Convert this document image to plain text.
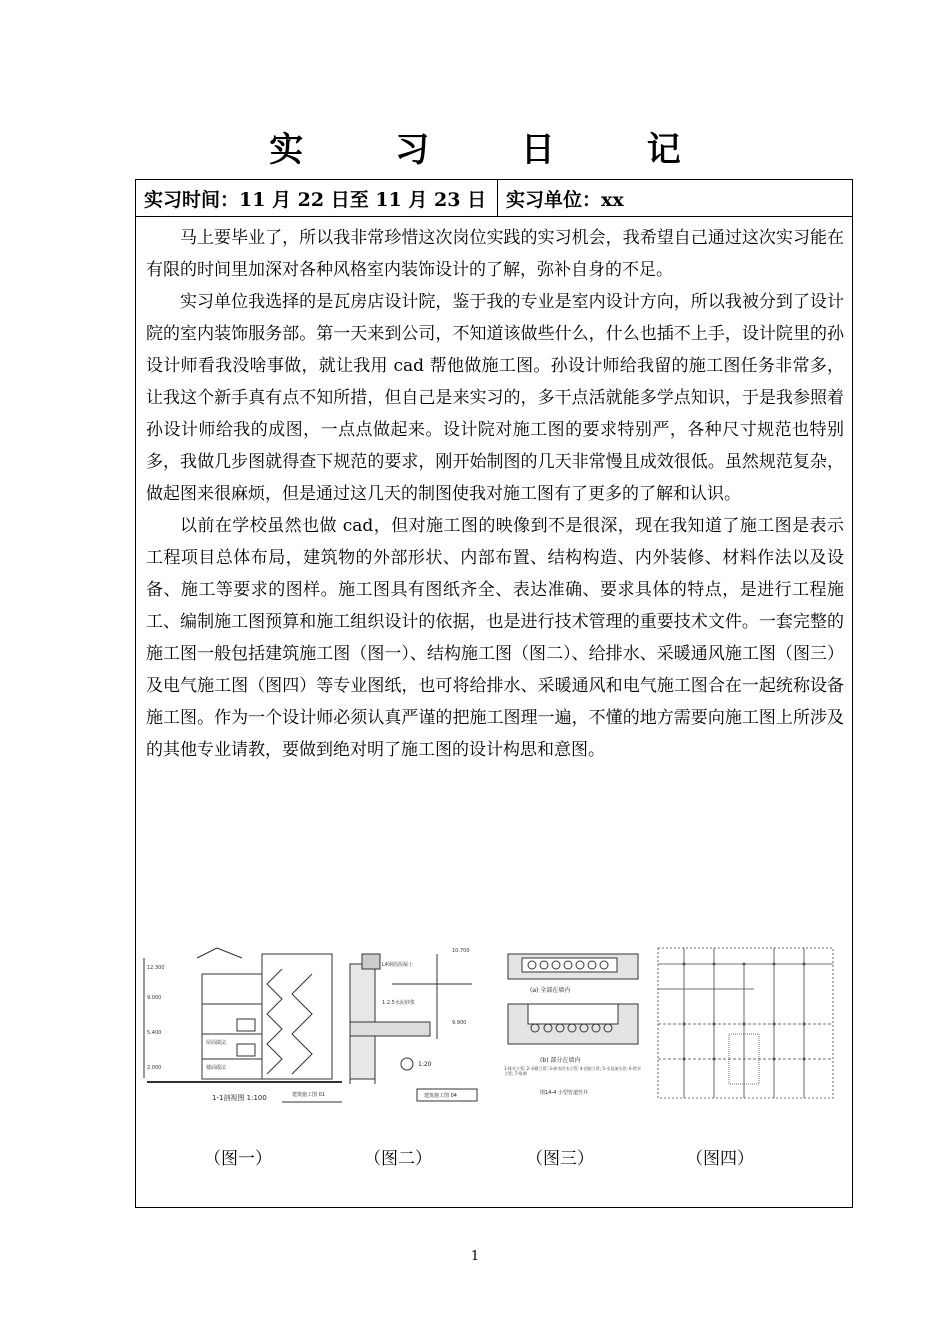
实 习 日 记
实习时间：11 月 22 日至 11 月 23 日 实习单位：xx

马上要毕业了，所以我非常珍惜这次岗位实践的实习机会，我希望自己通过这次实习能在有限的时间里加深对各种风格室内装饰设计的了解，弥补自身的不足。

实习单位我选择的是瓦房店设计院，鉴于我的专业是室内设计方向，所以我被分到了设计院的室内装饰服务部。第一天来到公司，不知道该做些什么，什么也插不上手，设计院里的孙设计师看我没啥事做，就让我用 cad 帮他做施工图。孙设计师给我留的施工图任务非常多，让我这个新手真有点不知所措，但自己是来实习的，多干点活就能多学点知识，于是我参照着孙设计师给我的成图，一点点做起来。设计院对施工图的要求特别严，各种尺寸规范也特别多，我做几步图就得查下规范的要求，刚开始制图的几天非常慢且成效很低。虽然规范复杂，做起图来很麻烦，但是通过这几天的制图使我对施工图有了更多的了解和认识。

以前在学校虽然也做 cad，但对施工图的映像到不是很深，现在我知道了施工图是表示工程项目总体布局，建筑物的外部形状、内部布置、结构构造、内外装修、材料作法以及设备、施工等要求的图样。施工图具有图纸齐全、表达准确、要求具体的特点，是进行工程施工、编制施工图预算和施工组织设计的依据，也是进行技术管理的重要技术文件。一套完整的施工图一般包括建筑施工图（图一）、结构施工图（图二）、给排水、采暖通风施工图（图三）及电气施工图（图四）等专业图纸，也可将给排水、采暖通风和电气施工图合在一起统称设备施工图。作为一个设计师必须认真严谨的把施工图理一遍，不懂的地方需要向施工图上所涉及的其他专业请教，要做到绝对明了施工图的设计构思和意图。

12.300
9.000
5.400
2.000
屋面做法
楼面做法
1-1剖视图 1:100	建筑施工图 01
L4钢筋混凝土
1:2.5水泥砂浆
10.700
9.900
1:20
建筑施工图 04
(a) 全部在墙内
(b) 部分在墙内
1-排水立管; 2-采暖立管; 3-热水回水立管; 4-消防立管; 5-水泵加压管; 6-给水立管; 7-角钢
图14-4 小型管道竖井
（图一）	（图二）	（图三）	（图四）
1
